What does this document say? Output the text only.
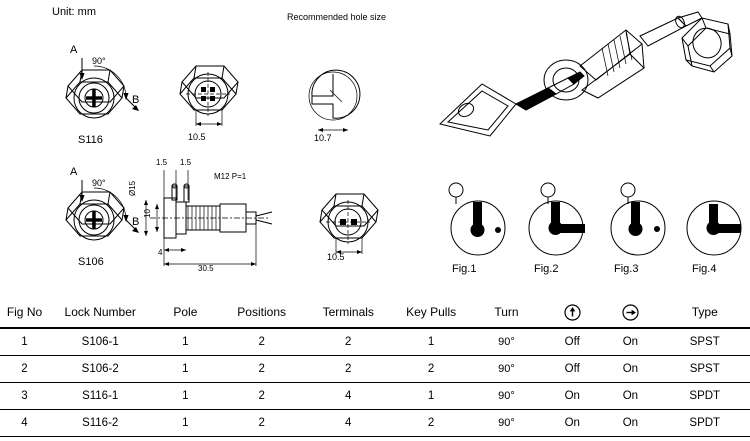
Unit: mm	Recommended hole size
A
90°
B
S116	10.5	10.7
A
90°
B
S106
1.5 1.5
M12 P=1
Ø15
10
4
30.5
10.5
Fig.1	Fig.2	Fig.3	Fig.4
Fig No	Lock Number	Pole	Positions	Terminals	Key Pulls	Turn			Type
1	S106-1	1	2	2	1	90°	Off	On	SPST
2	S106-2	1	2	2	2	90°	Off	On	SPST
3	S116-1	1	2	4	1	90°	On	On	SPDT
4	S116-2	1	2	4	2	90°	On	On	SPDT
